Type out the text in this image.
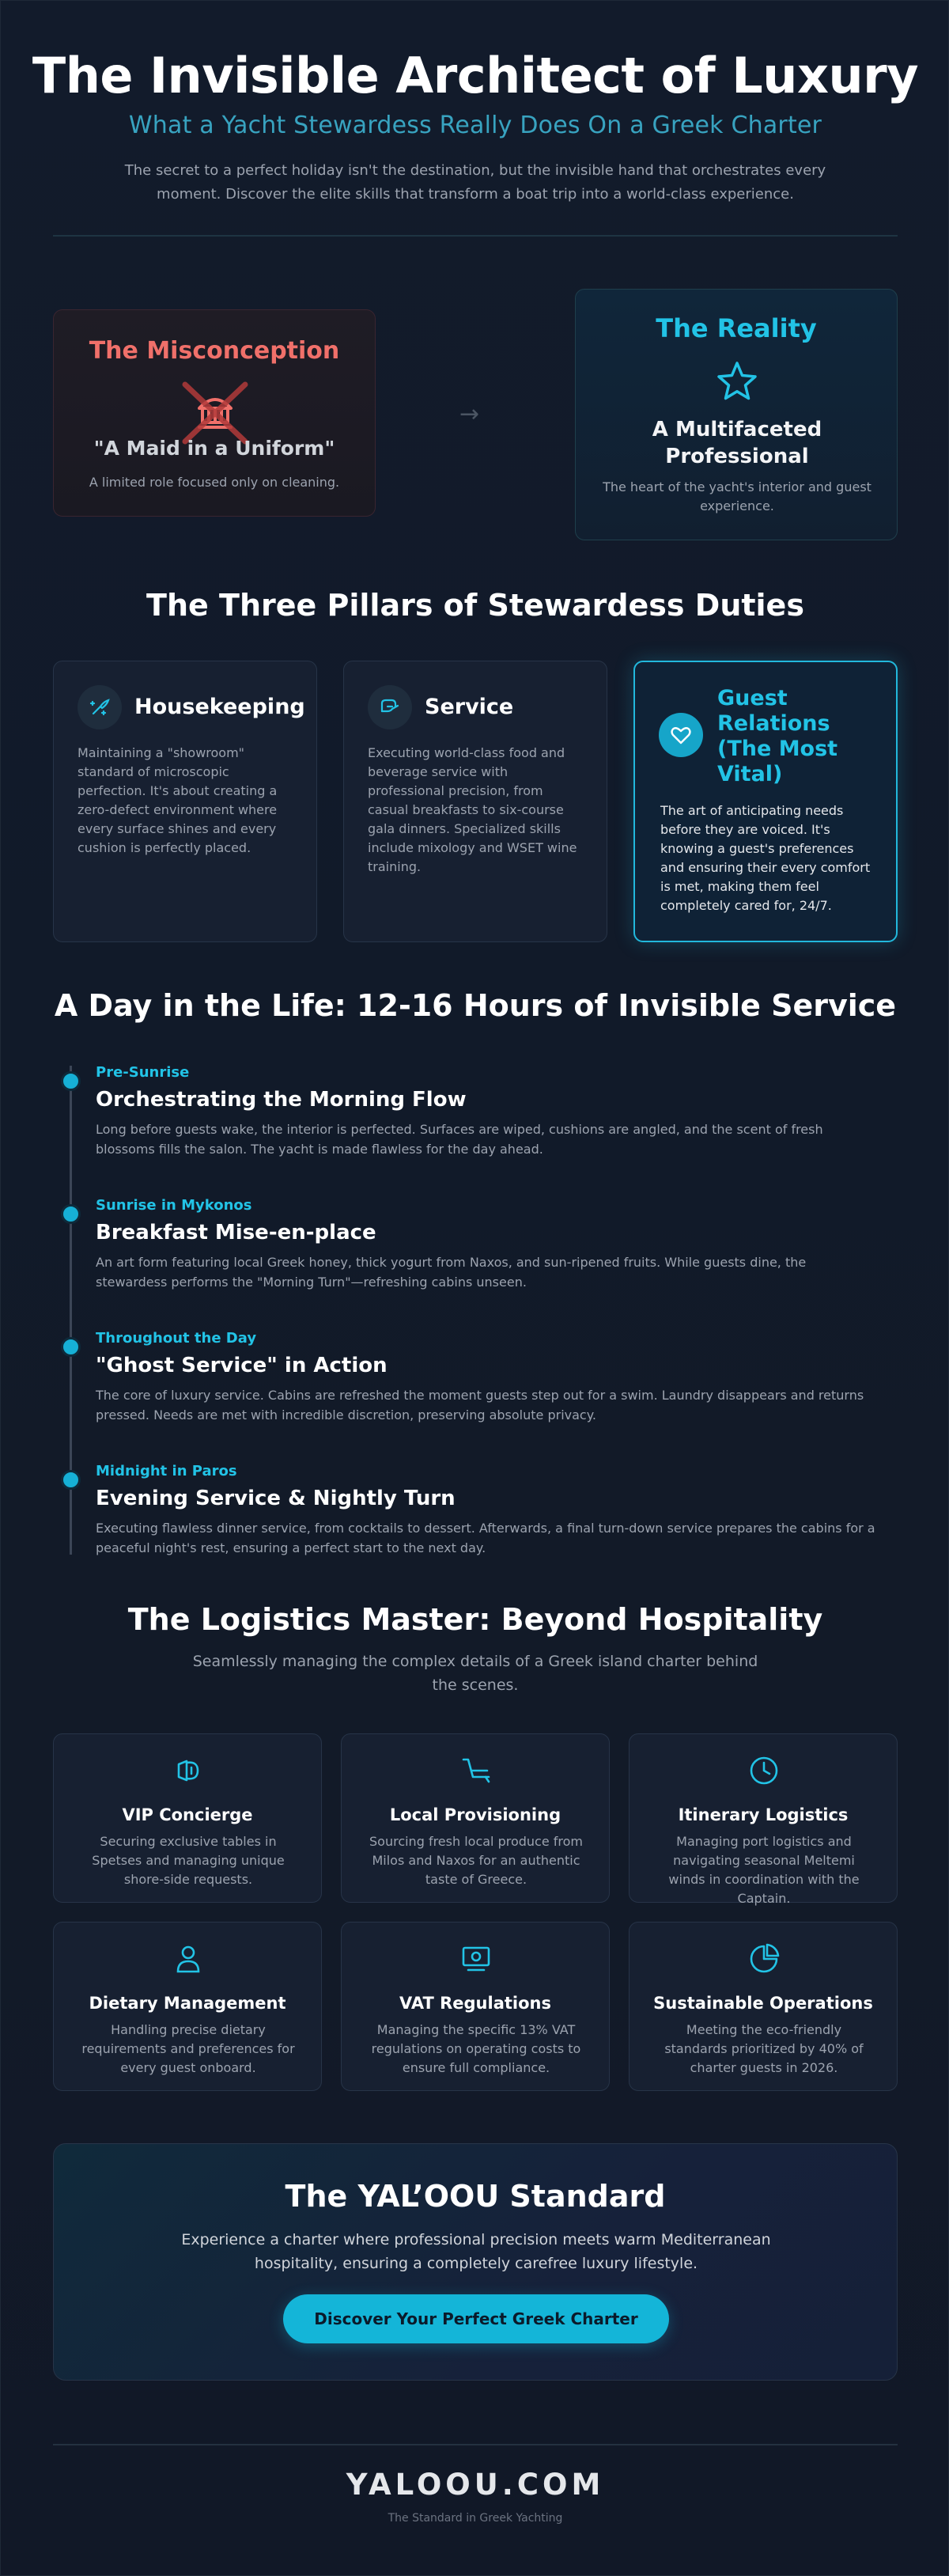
The Invisible Architect of Luxury
What a Yacht Stewardess Really Does On a Greek Charter

The secret to a perfect holiday isn't the destination, but the invisible hand that orchestrates every moment. Discover the elite skills that transform a boat trip into a world-class experience.

The Misconception
"A Maid in a Uniform"
A limited role focused only on cleaning.
→
The Reality
A Multifaceted Professional
The heart of the yacht's interior and guest experience.
The Three Pillars of Stewardess Duties
Housekeeping
Maintaining a "showroom" standard of microscopic perfection. It's about creating a zero-defect environment where every surface shines and every cushion is perfectly placed.
Service
Executing world-class food and beverage service with professional precision, from casual breakfasts to six-course gala dinners. Specialized skills include mixology and WSET wine training.
Guest Relations (The Most Vital)
The art of anticipating needs before they are voiced. It's knowing a guest's preferences and ensuring their every comfort is met, making them feel completely cared for, 24/7.
A Day in the Life: 12-16 Hours of Invisible Service
Pre-Sunrise
Orchestrating the Morning Flow
Long before guests wake, the interior is perfected. Surfaces are wiped, cushions are angled, and the scent of fresh blossoms fills the salon. The yacht is made flawless for the day ahead.
Sunrise in Mykonos
Breakfast Mise-en-place
An art form featuring local Greek honey, thick yogurt from Naxos, and sun-ripened fruits. While guests dine, the stewardess performs the "Morning Turn"—refreshing cabins unseen.
Throughout the Day
"Ghost Service" in Action
The core of luxury service. Cabins are refreshed the moment guests step out for a swim. Laundry disappears and returns pressed. Needs are met with incredible discretion, preserving absolute privacy.
Midnight in Paros
Evening Service & Nightly Turn
Executing flawless dinner service, from cocktails to dessert. Afterwards, a final turn-down service prepares the cabins for a peaceful night's rest, ensuring a perfect start to the next day.
The Logistics Master: Beyond Hospitality

Seamlessly managing the complex details of a Greek island charter behind the scenes.

VIP Concierge
Securing exclusive tables in Spetses and managing unique shore-side requests.
Local Provisioning
Sourcing fresh local produce from Milos and Naxos for an authentic taste of Greece.
Itinerary Logistics
Managing port logistics and navigating seasonal Meltemi winds in coordination with the Captain.
Dietary Management
Handling precise dietary requirements and preferences for every guest onboard.
VAT Regulations
Managing the specific 13% VAT regulations on operating costs to ensure full compliance.
Sustainable Operations
Meeting the eco-friendly standards prioritized by 40% of charter guests in 2026.
The YAL’OOU Standard
Experience a charter where professional precision meets warm Mediterranean hospitality, ensuring a completely carefree luxury lifestyle.
Discover Your Perfect Greek Charter
YALOOU.COM
The Standard in Greek Yachting
